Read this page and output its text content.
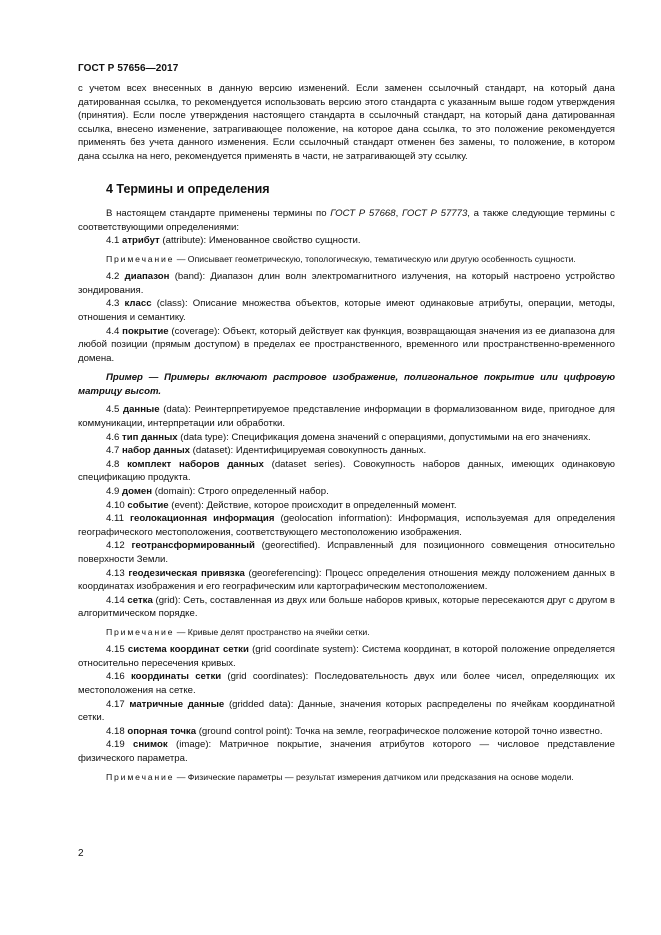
ГОСТ Р 57656—2017

с учетом всех внесенных в данную версию изменений. Если заменен ссылочный стандарт, на который дана датированная ссылка, то рекомендуется использовать версию этого стандарта с указанным выше годом утверждения (принятия). Если после утверждения настоящего стандарта в ссылочный стандарт, на который дана датированная ссылка, внесено изменение, затрагивающее положение, на которое дана ссылка, то это положение рекомендуется применять без учета данного изменения. Если ссылочный стандарт отменен без замены, то положение, в котором дана ссылка на него, рекомендуется применять в части, не затрагивающей эту ссылку.

4 Термины и определения

В настоящем стандарте применены термины по ГОСТ Р 57668, ГОСТ Р 57773, а также следующие термины с соответствующими определениями:

4.1 атрибут (attribute): Именованное свойство сущности.

Примечание — Описывает геометрическую, топологическую, тематическую или другую особенность сущности.

4.2 диапазон (band): Диапазон длин волн электромагнитного излучения, на который настроено устройство зондирования.

4.3 класс (class): Описание множества объектов, которые имеют одинаковые атрибуты, операции, методы, отношения и семантику.

4.4 покрытие (coverage): Объект, который действует как функция, возвращающая значения из ее диапазона для любой позиции (прямым доступом) в пределах ее пространственного, временного или пространственно-временного домена.

Пример — Примеры включают растровое изображение, полигональное покрытие или цифровую матрицу высот.

4.5 данные (data): Реинтерпретируемое представление информации в формализованном виде, пригодное для коммуникации, интерпретации или обработки.

4.6 тип данных (data type): Спецификация домена значений с операциями, допустимыми на его значениях.

4.7 набор данных (dataset): Идентифицируемая совокупность данных.

4.8 комплект наборов данных (dataset series). Совокупность наборов данных, имеющих одинаковую спецификацию продукта.

4.9 домен (domain): Строго определенный набор.

4.10 событие (event): Действие, которое происходит в определенный момент.

4.11 геолокационная информация (geolocation information): Информация, используемая для определения географического местоположения, соответствующего местоположению изображения.

4.12 геотрансформированный (georectified). Исправленный для позиционного совмещения относительно поверхности Земли.

4.13 геодезическая привязка (georeferencing): Процесс определения отношения между положением данных в координатах изображения и его географическим или картографическим местоположением.

4.14 сетка (grid): Сеть, составленная из двух или больше наборов кривых, которые пересекаются друг с другом в алгоритмическом порядке.

Примечание — Кривые делят пространство на ячейки сетки.

4.15 система координат сетки (grid coordinate system): Система координат, в которой положение определяется относительно пересечения кривых.

4.16 координаты сетки (grid coordinates): Последовательность двух или более чисел, определяющих их местоположения на сетке.

4.17 матричные данные (gridded data): Данные, значения которых распределены по ячейкам координатной сетки.

4.18 опорная точка (ground control point): Точка на земле, географическое положение которой точно известно.

4.19 снимок (image): Матричное покрытие, значения атрибутов которого — числовое представление физического параметра.

Примечание — Физические параметры — результат измерения датчиком или предсказания на основе модели.

2
